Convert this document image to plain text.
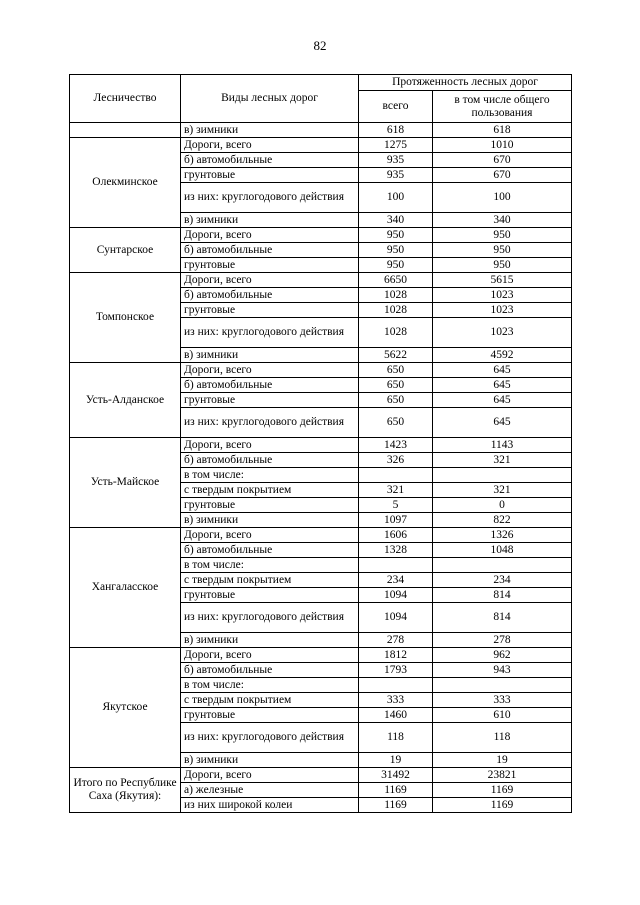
82
Лесничество	Виды лесных дорог	Протяженность лесных дорог	
		всего	в том числе общего пользования
	в) зимники	618	618
Олекминское	Дороги, всего	1275	1010
	б) автомобильные	935	670
	грунтовые	935	670
	из них: круглогодового действия	100	100
	в) зимники	340	340
Сунтарское	Дороги, всего	950	950
	б) автомобильные	950	950
	грунтовые	950	950
Томпонское	Дороги, всего	6650	5615
	б) автомобильные	1028	1023
	грунтовые	1028	1023
	из них: круглогодового действия	1028	1023
	в) зимники	5622	4592
Усть-Алданское	Дороги, всего	650	645
	б) автомобильные	650	645
	грунтовые	650	645
	из них: круглогодового действия	650	645
Усть-Майское	Дороги, всего	1423	1143
	б) автомобильные	326	321
	в том числе:		
	с твердым покрытием	321	321
	грунтовые	5	0
	в) зимники	1097	822
Хангаласское	Дороги, всего	1606	1326
	б) автомобильные	1328	1048
	в том числе:		
	с твердым покрытием	234	234
	грунтовые	1094	814
	из них: круглогодового действия	1094	814
	в) зимники	278	278
Якутское	Дороги, всего	1812	962
	б) автомобильные	1793	943
	в том числе:		
	с твердым покрытием	333	333
	грунтовые	1460	610
	из них: круглогодового действия	118	118
	в) зимники	19	19
Итого по Республике Саха (Якутия):	Дороги, всего	31492	23821
	а) железные	1169	1169
	из них широкой колеи	1169	1169
